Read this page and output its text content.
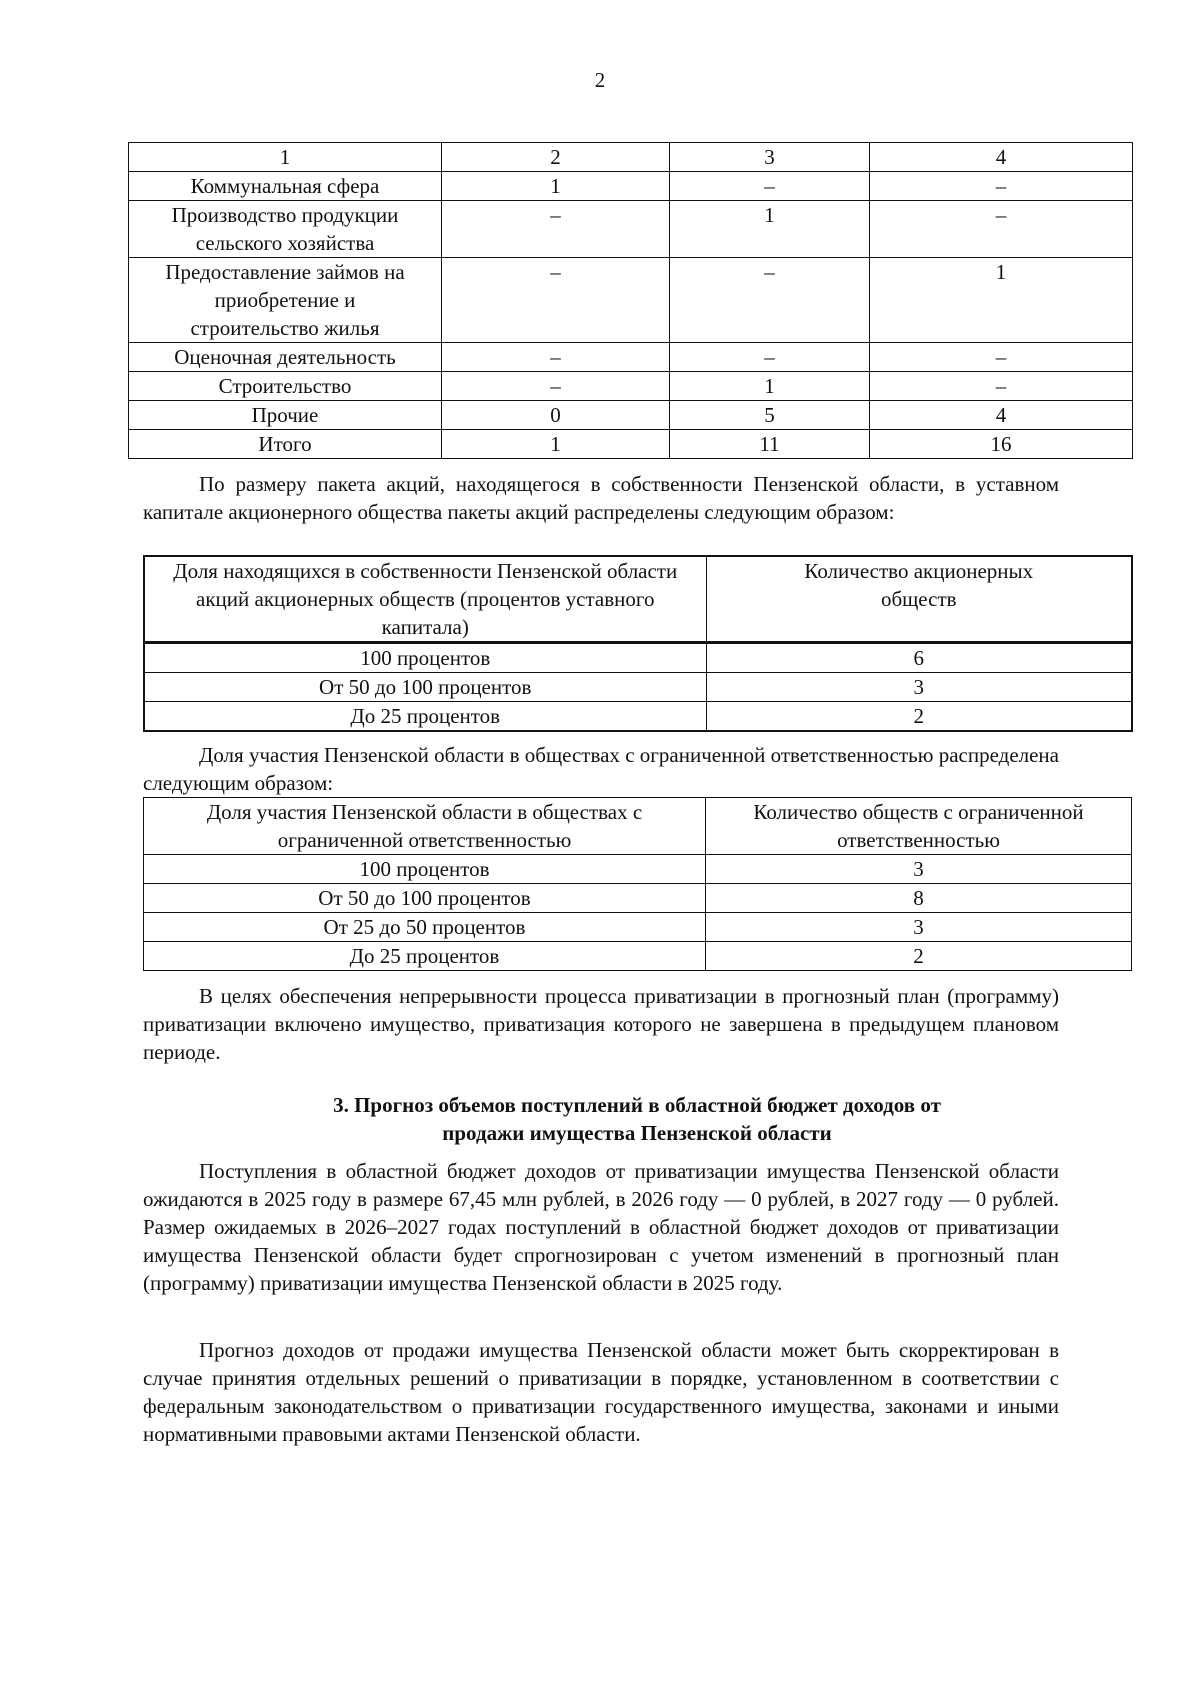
2
1	2	3	4
Коммунальная сфера	1	–	–
Производство продукции сельского хозяйства	–	1	–
Предоставление займов на приобретение и строительство жилья	–	–	1
Оценочная деятельность	–	–	–
Строительство	–	1	–
Прочие	0	5	4
Итого	1	11	16

По размеру пакета акций, находящегося в собственности Пензенской области, в уставном капитале акционерного общества пакеты акций распределены следующим образом:

Доля находящихся в собственности Пензенской области акций акционерных обществ (процентов уставного капитала)	Количество акционерных обществ
100 процентов	6
От 50 до 100 процентов	3
До 25 процентов	2

Доля участия Пензенской области в обществах с ограниченной ответственностью распределена следующим образом:

Доля участия Пензенской области в обществах с ограниченной ответственностью	Количество обществ с ограниченной ответственностью
100 процентов	3
От 50 до 100 процентов	8
От 25 до 50 процентов	3
До 25 процентов	2

В целях обеспечения непрерывности процесса приватизации в прогнозный план (программу) приватизации включено имущество, приватизация которого не завершена в предыдущем плановом периоде.

3. Прогноз объемов поступлений в областной бюджет доходов от
продажи имущества Пензенской области

Поступления в областной бюджет доходов от приватизации имущества Пензенской области ожидаются в 2025 году в размере 67,45 млн рублей, в 2026 году — 0 рублей, в 2027 году — 0 рублей. Размер ожидаемых в 2026–2027 годах поступлений в областной бюджет доходов от приватизации имущества Пензенской области будет спрогнозирован с учетом изменений в прогнозный план (программу) приватизации имущества Пензенской области в 2025 году.

Прогноз доходов от продажи имущества Пензенской области может быть скорректирован в случае принятия отдельных решений о приватизации в порядке, установленном в соответствии с федеральным законодательством о приватизации государственного имущества, законами и иными нормативными правовыми актами Пензенской области.
